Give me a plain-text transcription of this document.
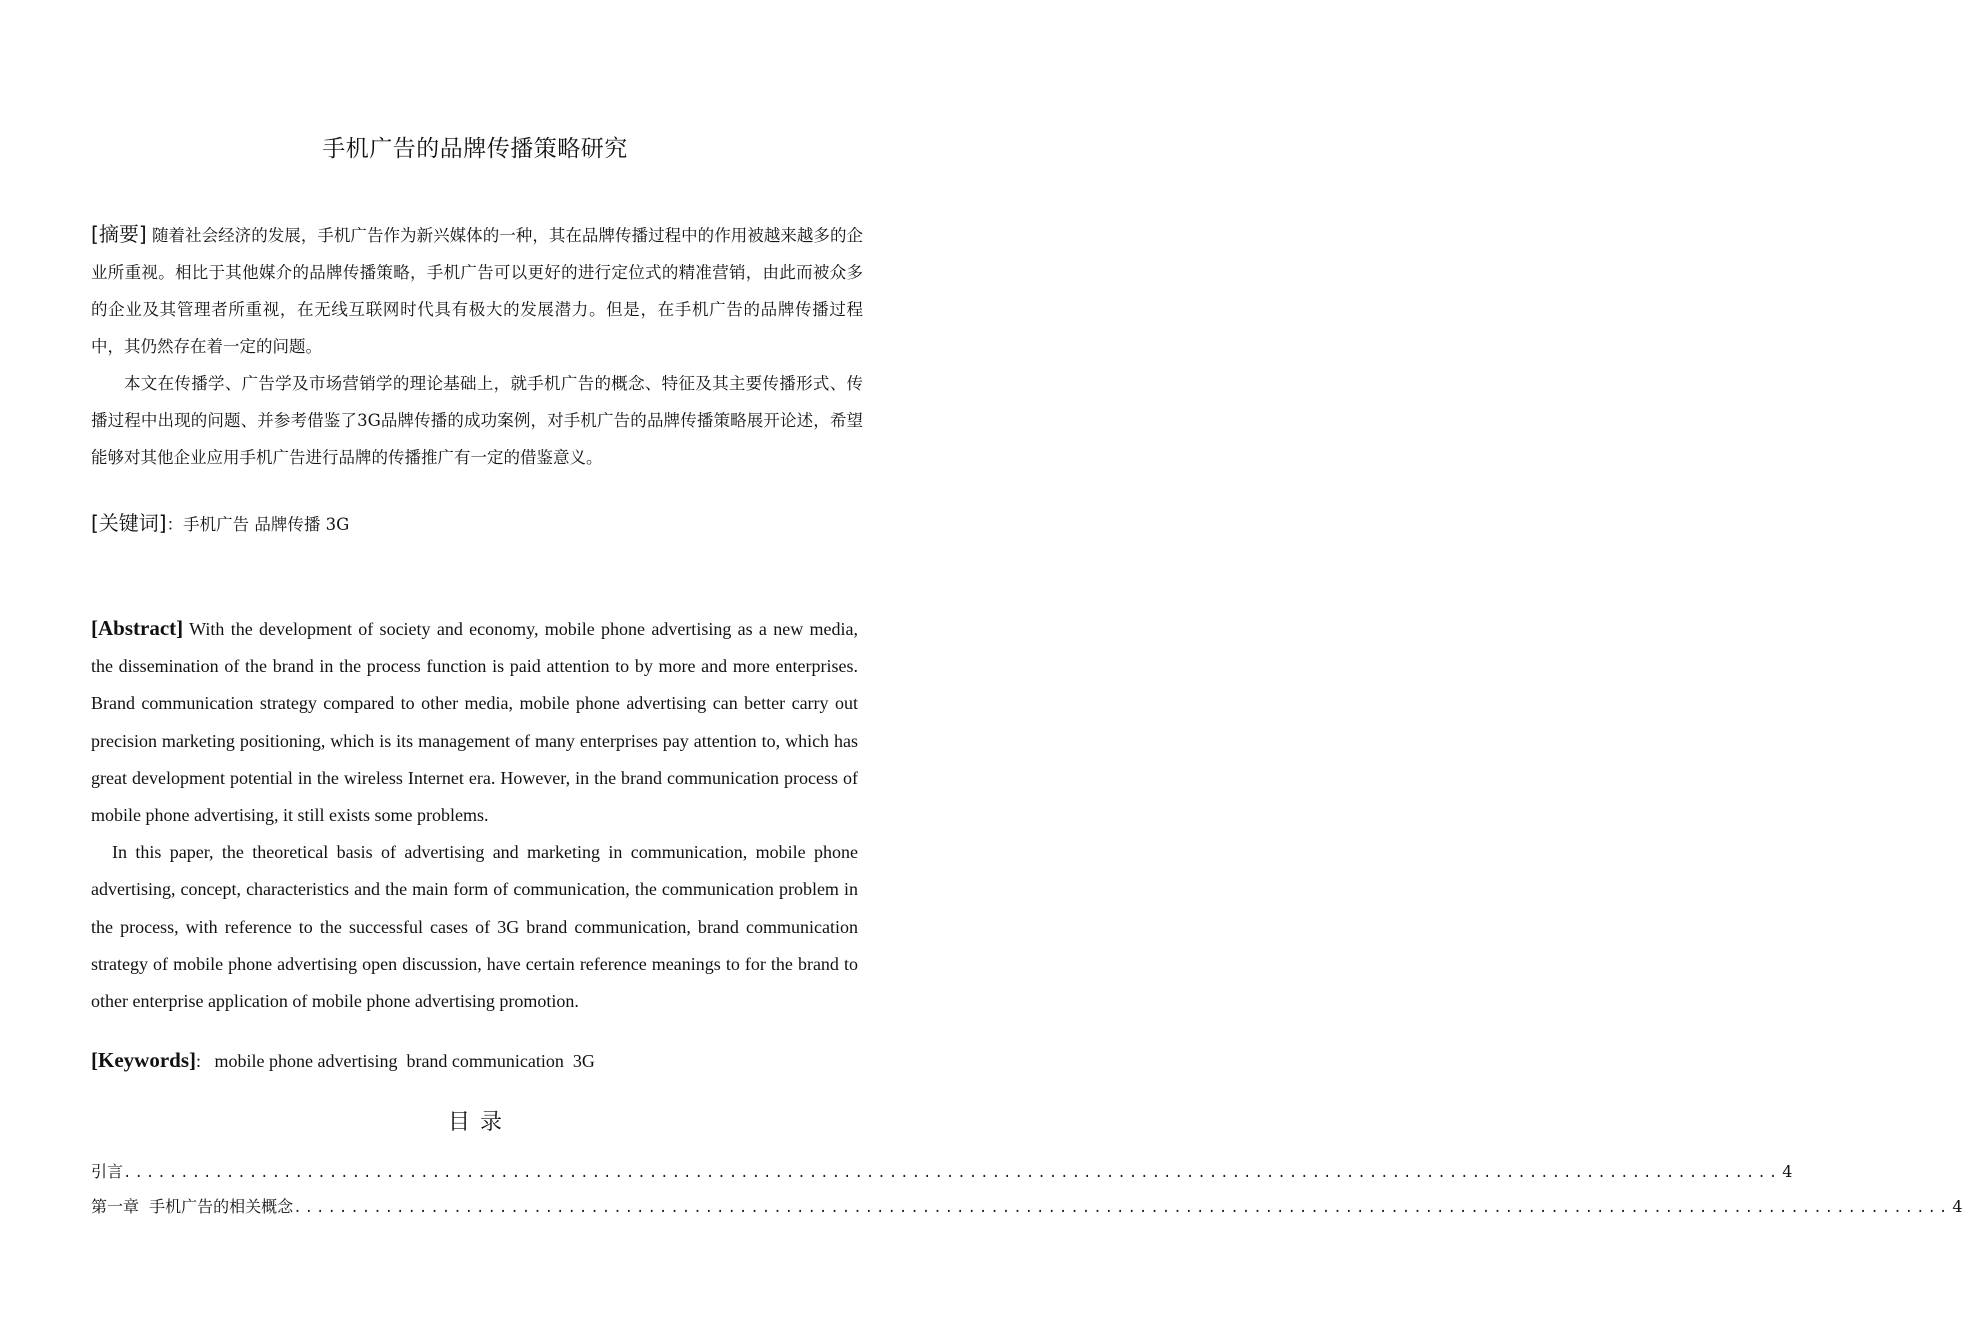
手机广告的品牌传播策略研究

[摘要] 随着社会经济的发展，手机广告作为新兴媒体的一种，其在品牌传播过程中的作用被越来越多的企业所重视。相比于其他媒介的品牌传播策略，手机广告可以更好的进行定位式的精准营销，由此而被众多的企业及其管理者所重视，在无线互联网时代具有极大的发展潜力。但是，在手机广告的品牌传播过程中，其仍然存在着一定的问题。

本文在传播学、广告学及市场营销学的理论基础上，就手机广告的概念、特征及其主要传播形式、传播过程中出现的问题、并参考借鉴了3G品牌传播的成功案例，对手机广告的品牌传播策略展开论述，希望能够对其他企业应用手机广告进行品牌的传播推广有一定的借鉴意义。

[关键词]：手机广告 品牌传播 3G

[Abstract] With the development of society and economy, mobile phone advertising as a new media, the dissemination of the brand in the process function is paid attention to by more and more enterprises. Brand communication strategy compared to other media, mobile phone advertising can better carry out precision marketing positioning, which is its management of many enterprises pay attention to, which has great development potential in the wireless Internet era. However, in the brand communication process of mobile phone advertising, it still exists some problems.

In this paper, the theoretical basis of advertising and marketing in communication, mobile phone advertising, concept, characteristics and the main form of communication, the communication problem in the process, with reference to the successful cases of 3G brand communication, brand communication strategy of mobile phone advertising open discussion, have certain reference meanings to for the brand to other enterprise application of mobile phone advertising promotion.

[Keywords]:   mobile phone advertising  brand communication  3G
目录
引言 ................................................................................................................................................. 4
第一章  手机广告的相关概念 ................................................................................................................................................. 4
